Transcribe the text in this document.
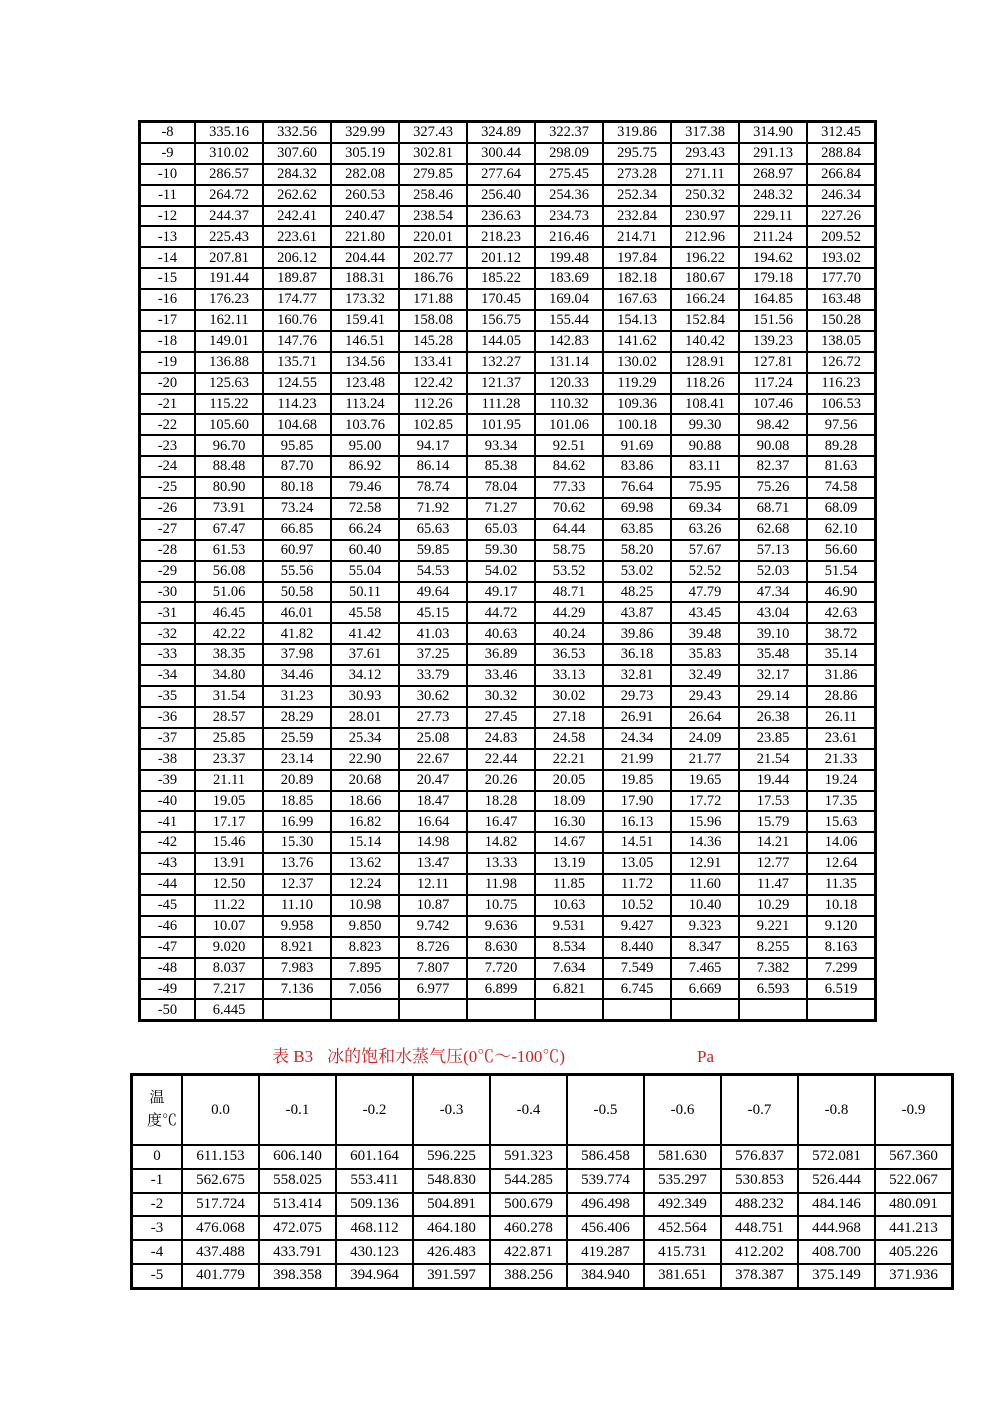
-8	335.16	332.56	329.99	327.43	324.89	322.37	319.86	317.38	314.90	312.45
-9	310.02	307.60	305.19	302.81	300.44	298.09	295.75	293.43	291.13	288.84
-10	286.57	284.32	282.08	279.85	277.64	275.45	273.28	271.11	268.97	266.84
-11	264.72	262.62	260.53	258.46	256.40	254.36	252.34	250.32	248.32	246.34
-12	244.37	242.41	240.47	238.54	236.63	234.73	232.84	230.97	229.11	227.26
-13	225.43	223.61	221.80	220.01	218.23	216.46	214.71	212.96	211.24	209.52
-14	207.81	206.12	204.44	202.77	201.12	199.48	197.84	196.22	194.62	193.02
-15	191.44	189.87	188.31	186.76	185.22	183.69	182.18	180.67	179.18	177.70
-16	176.23	174.77	173.32	171.88	170.45	169.04	167.63	166.24	164.85	163.48
-17	162.11	160.76	159.41	158.08	156.75	155.44	154.13	152.84	151.56	150.28
-18	149.01	147.76	146.51	145.28	144.05	142.83	141.62	140.42	139.23	138.05
-19	136.88	135.71	134.56	133.41	132.27	131.14	130.02	128.91	127.81	126.72
-20	125.63	124.55	123.48	122.42	121.37	120.33	119.29	118.26	117.24	116.23
-21	115.22	114.23	113.24	112.26	111.28	110.32	109.36	108.41	107.46	106.53
-22	105.60	104.68	103.76	102.85	101.95	101.06	100.18	99.30	98.42	97.56
-23	96.70	95.85	95.00	94.17	93.34	92.51	91.69	90.88	90.08	89.28
-24	88.48	87.70	86.92	86.14	85.38	84.62	83.86	83.11	82.37	81.63
-25	80.90	80.18	79.46	78.74	78.04	77.33	76.64	75.95	75.26	74.58
-26	73.91	73.24	72.58	71.92	71.27	70.62	69.98	69.34	68.71	68.09
-27	67.47	66.85	66.24	65.63	65.03	64.44	63.85	63.26	62.68	62.10
-28	61.53	60.97	60.40	59.85	59.30	58.75	58.20	57.67	57.13	56.60
-29	56.08	55.56	55.04	54.53	54.02	53.52	53.02	52.52	52.03	51.54
-30	51.06	50.58	50.11	49.64	49.17	48.71	48.25	47.79	47.34	46.90
-31	46.45	46.01	45.58	45.15	44.72	44.29	43.87	43.45	43.04	42.63
-32	42.22	41.82	41.42	41.03	40.63	40.24	39.86	39.48	39.10	38.72
-33	38.35	37.98	37.61	37.25	36.89	36.53	36.18	35.83	35.48	35.14
-34	34.80	34.46	34.12	33.79	33.46	33.13	32.81	32.49	32.17	31.86
-35	31.54	31.23	30.93	30.62	30.32	30.02	29.73	29.43	29.14	28.86
-36	28.57	28.29	28.01	27.73	27.45	27.18	26.91	26.64	26.38	26.11
-37	25.85	25.59	25.34	25.08	24.83	24.58	24.34	24.09	23.85	23.61
-38	23.37	23.14	22.90	22.67	22.44	22.21	21.99	21.77	21.54	21.33
-39	21.11	20.89	20.68	20.47	20.26	20.05	19.85	19.65	19.44	19.24
-40	19.05	18.85	18.66	18.47	18.28	18.09	17.90	17.72	17.53	17.35
-41	17.17	16.99	16.82	16.64	16.47	16.30	16.13	15.96	15.79	15.63
-42	15.46	15.30	15.14	14.98	14.82	14.67	14.51	14.36	14.21	14.06
-43	13.91	13.76	13.62	13.47	13.33	13.19	13.05	12.91	12.77	12.64
-44	12.50	12.37	12.24	12.11	11.98	11.85	11.72	11.60	11.47	11.35
-45	11.22	11.10	10.98	10.87	10.75	10.63	10.52	10.40	10.29	10.18
-46	10.07	9.958	9.850	9.742	9.636	9.531	9.427	9.323	9.221	9.120
-47	9.020	8.921	8.823	8.726	8.630	8.534	8.440	8.347	8.255	8.163
-48	8.037	7.983	7.895	7.807	7.720	7.634	7.549	7.465	7.382	7.299
-49	7.217	7.136	7.056	6.977	6.899	6.821	6.745	6.669	6.593	6.519
-50	6.445									
表 B3 冰的饱和水蒸气压(0℃～-100℃)	Pa
温度℃	0.0	-0.1	-0.2	-0.3	-0.4	-0.5	-0.6	-0.7	-0.8	-0.9
0	611.153	606.140	601.164	596.225	591.323	586.458	581.630	576.837	572.081	567.360
-1	562.675	558.025	553.411	548.830	544.285	539.774	535.297	530.853	526.444	522.067
-2	517.724	513.414	509.136	504.891	500.679	496.498	492.349	488.232	484.146	480.091
-3	476.068	472.075	468.112	464.180	460.278	456.406	452.564	448.751	444.968	441.213
-4	437.488	433.791	430.123	426.483	422.871	419.287	415.731	412.202	408.700	405.226
-5	401.779	398.358	394.964	391.597	388.256	384.940	381.651	378.387	375.149	371.936
